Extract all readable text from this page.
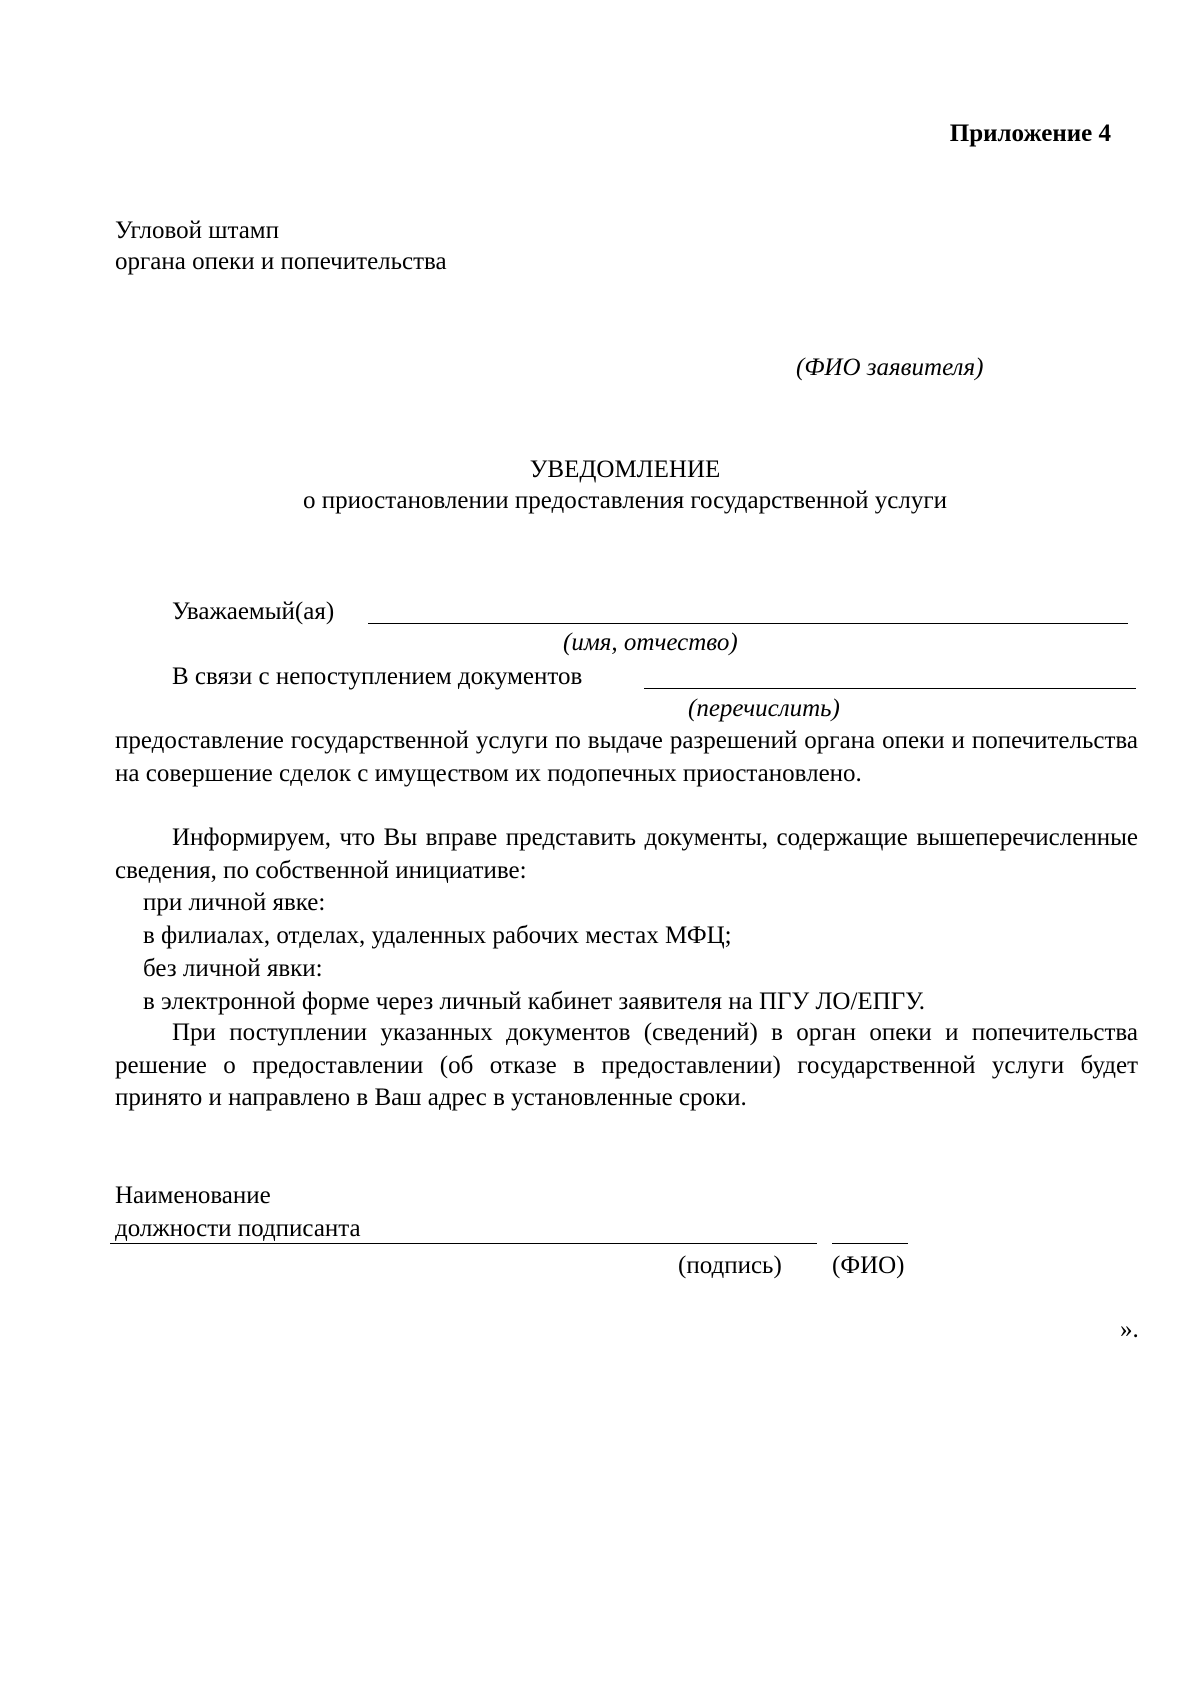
Приложение 4
Угловой штамп
органа опеки и попечительства
(ФИО заявителя)
УВЕДОМЛЕНИЕ
о приостановлении предоставления государственной услуги
Уважаемый(ая)
(имя, отчество)
В связи с непоступлением документов
(перечислить)

предоставление государственной услуги по выдаче разрешений органа опеки и попечительства на совершение сделок с имуществом их подопечных приостановлено.

Информируем, что Вы вправе представить документы, содержащие вышеперечисленные сведения, по собственной инициативе:

при личной явке:
в филиалах, отделах, удаленных рабочих местах МФЦ;
без личной явки:
в электронной форме через личный кабинет заявителя на ПГУ ЛО/ЕПГУ.

При поступлении указанных документов (сведений) в орган опеки и попечительства решение о предоставлении (об отказе в предоставлении) государственной услуги будет принято и направлено в Ваш адрес в установленные сроки.

Наименование
должности подписанта
(подпись) (ФИО)
».
